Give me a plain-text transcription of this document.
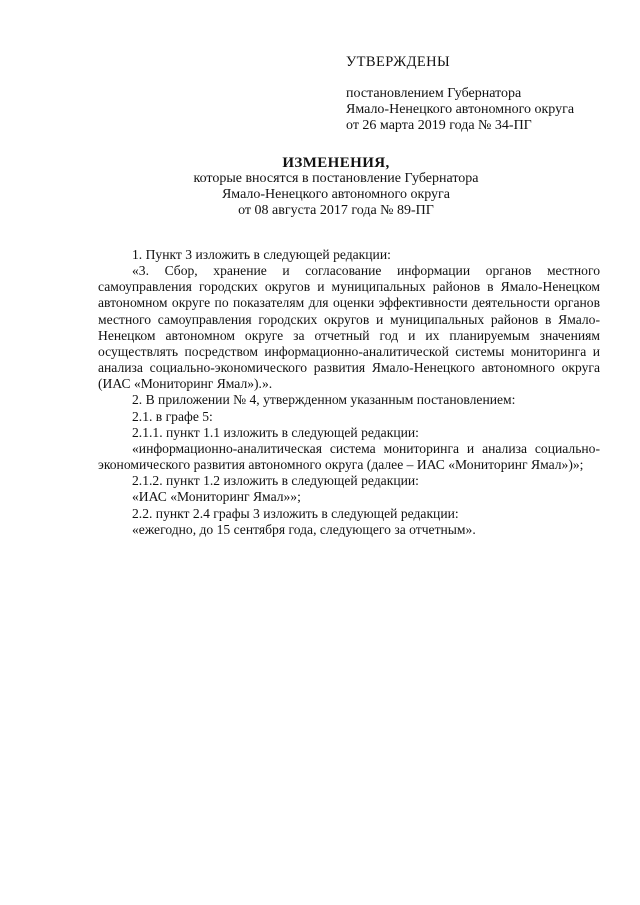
УТВЕРЖДЕНЫ
постановлением Губернатора
Ямало-Ненецкого автономного округа
от 26 марта 2019 года № 34-ПГ
ИЗМЕНЕНИЯ,
которые вносятся в постановление Губернатора
Ямало-Ненецкого автономного округа
от 08 августа 2017 года № 89-ПГ

1. Пункт 3 изложить в следующей редакции:

«3. Сбор, хранение и согласование информации органов местного самоуправления городских округов и муниципальных районов в Ямало-Ненецком автономном округе по показателям для оценки эффективности деятельности органов местного самоуправления городских округов и муниципальных районов в Ямало-Ненецком автономном округе за отчетный год и их планируемым значениям осуществлять посредством информационно-аналитической системы мониторинга и анализа социально-экономического развития Ямало-Ненецкого автономного округа (ИАС «Мониторинг Ямал»).».

2. В приложении № 4, утвержденном указанным постановлением:

2.1. в графе 5:

2.1.1. пункт 1.1 изложить в следующей редакции:

«информационно-аналитическая система мониторинга и анализа социально-экономического развития автономного округа (далее – ИАС «Мониторинг Ямал»)»;

2.1.2. пункт 1.2 изложить в следующей редакции:

«ИАС «Мониторинг Ямал»»;

2.2. пункт 2.4 графы 3 изложить в следующей редакции:

«ежегодно, до 15 сентября года, следующего за отчетным».
